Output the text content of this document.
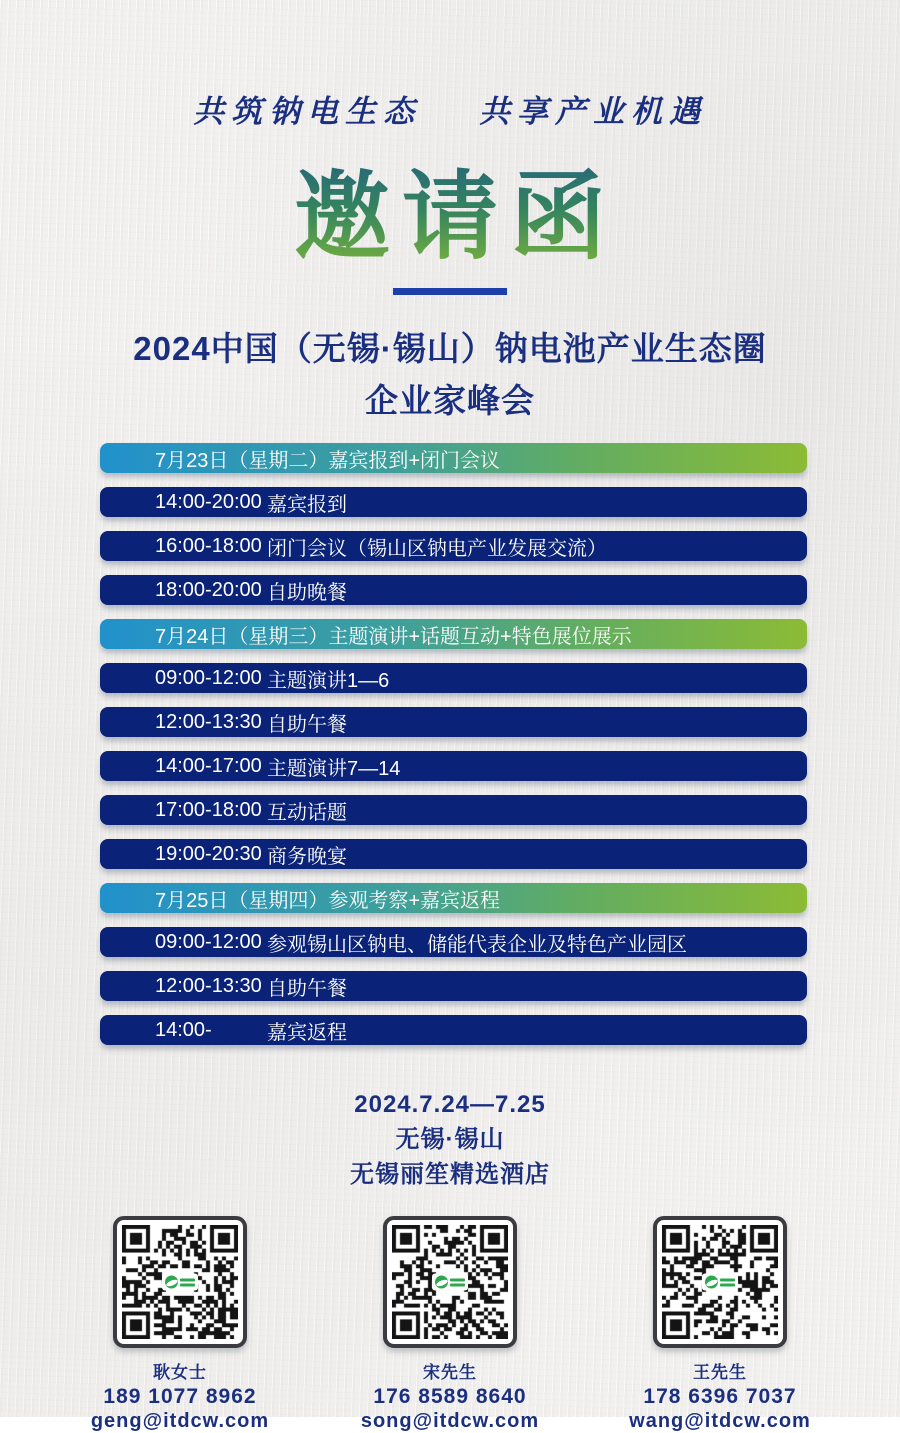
共筑钠电生态 共享产业机遇
邀请函
2024中国（无锡·锡山）钠电池产业生态圈
企业家峰会
7月23日（星期二）嘉宾报到+闭门会议
14:00-20:00 嘉宾报到
16:00-18:00 闭门会议（锡山区钠电产业发展交流）
18:00-20:00 自助晚餐
7月24日（星期三）主题演讲+话题互动+特色展位展示
09:00-12:00 主题演讲1—6
12:00-13:30 自助午餐
14:00-17:00 主题演讲7—14
17:00-18:00 互动话题
19:00-20:30 商务晚宴
7月25日（星期四）参观考察+嘉宾返程
09:00-12:00 参观锡山区钠电、储能代表企业及特色产业园区
12:00-13:30 自助午餐
14:00-	嘉宾返程
2024.7.24—7.25
无锡·锡山
无锡丽笙精选酒店
耿女士
189 1077 8962
geng@itdcw.com
宋先生
176 8589 8640
song@itdcw.com
王先生
178 6396 7037
wang@itdcw.com
